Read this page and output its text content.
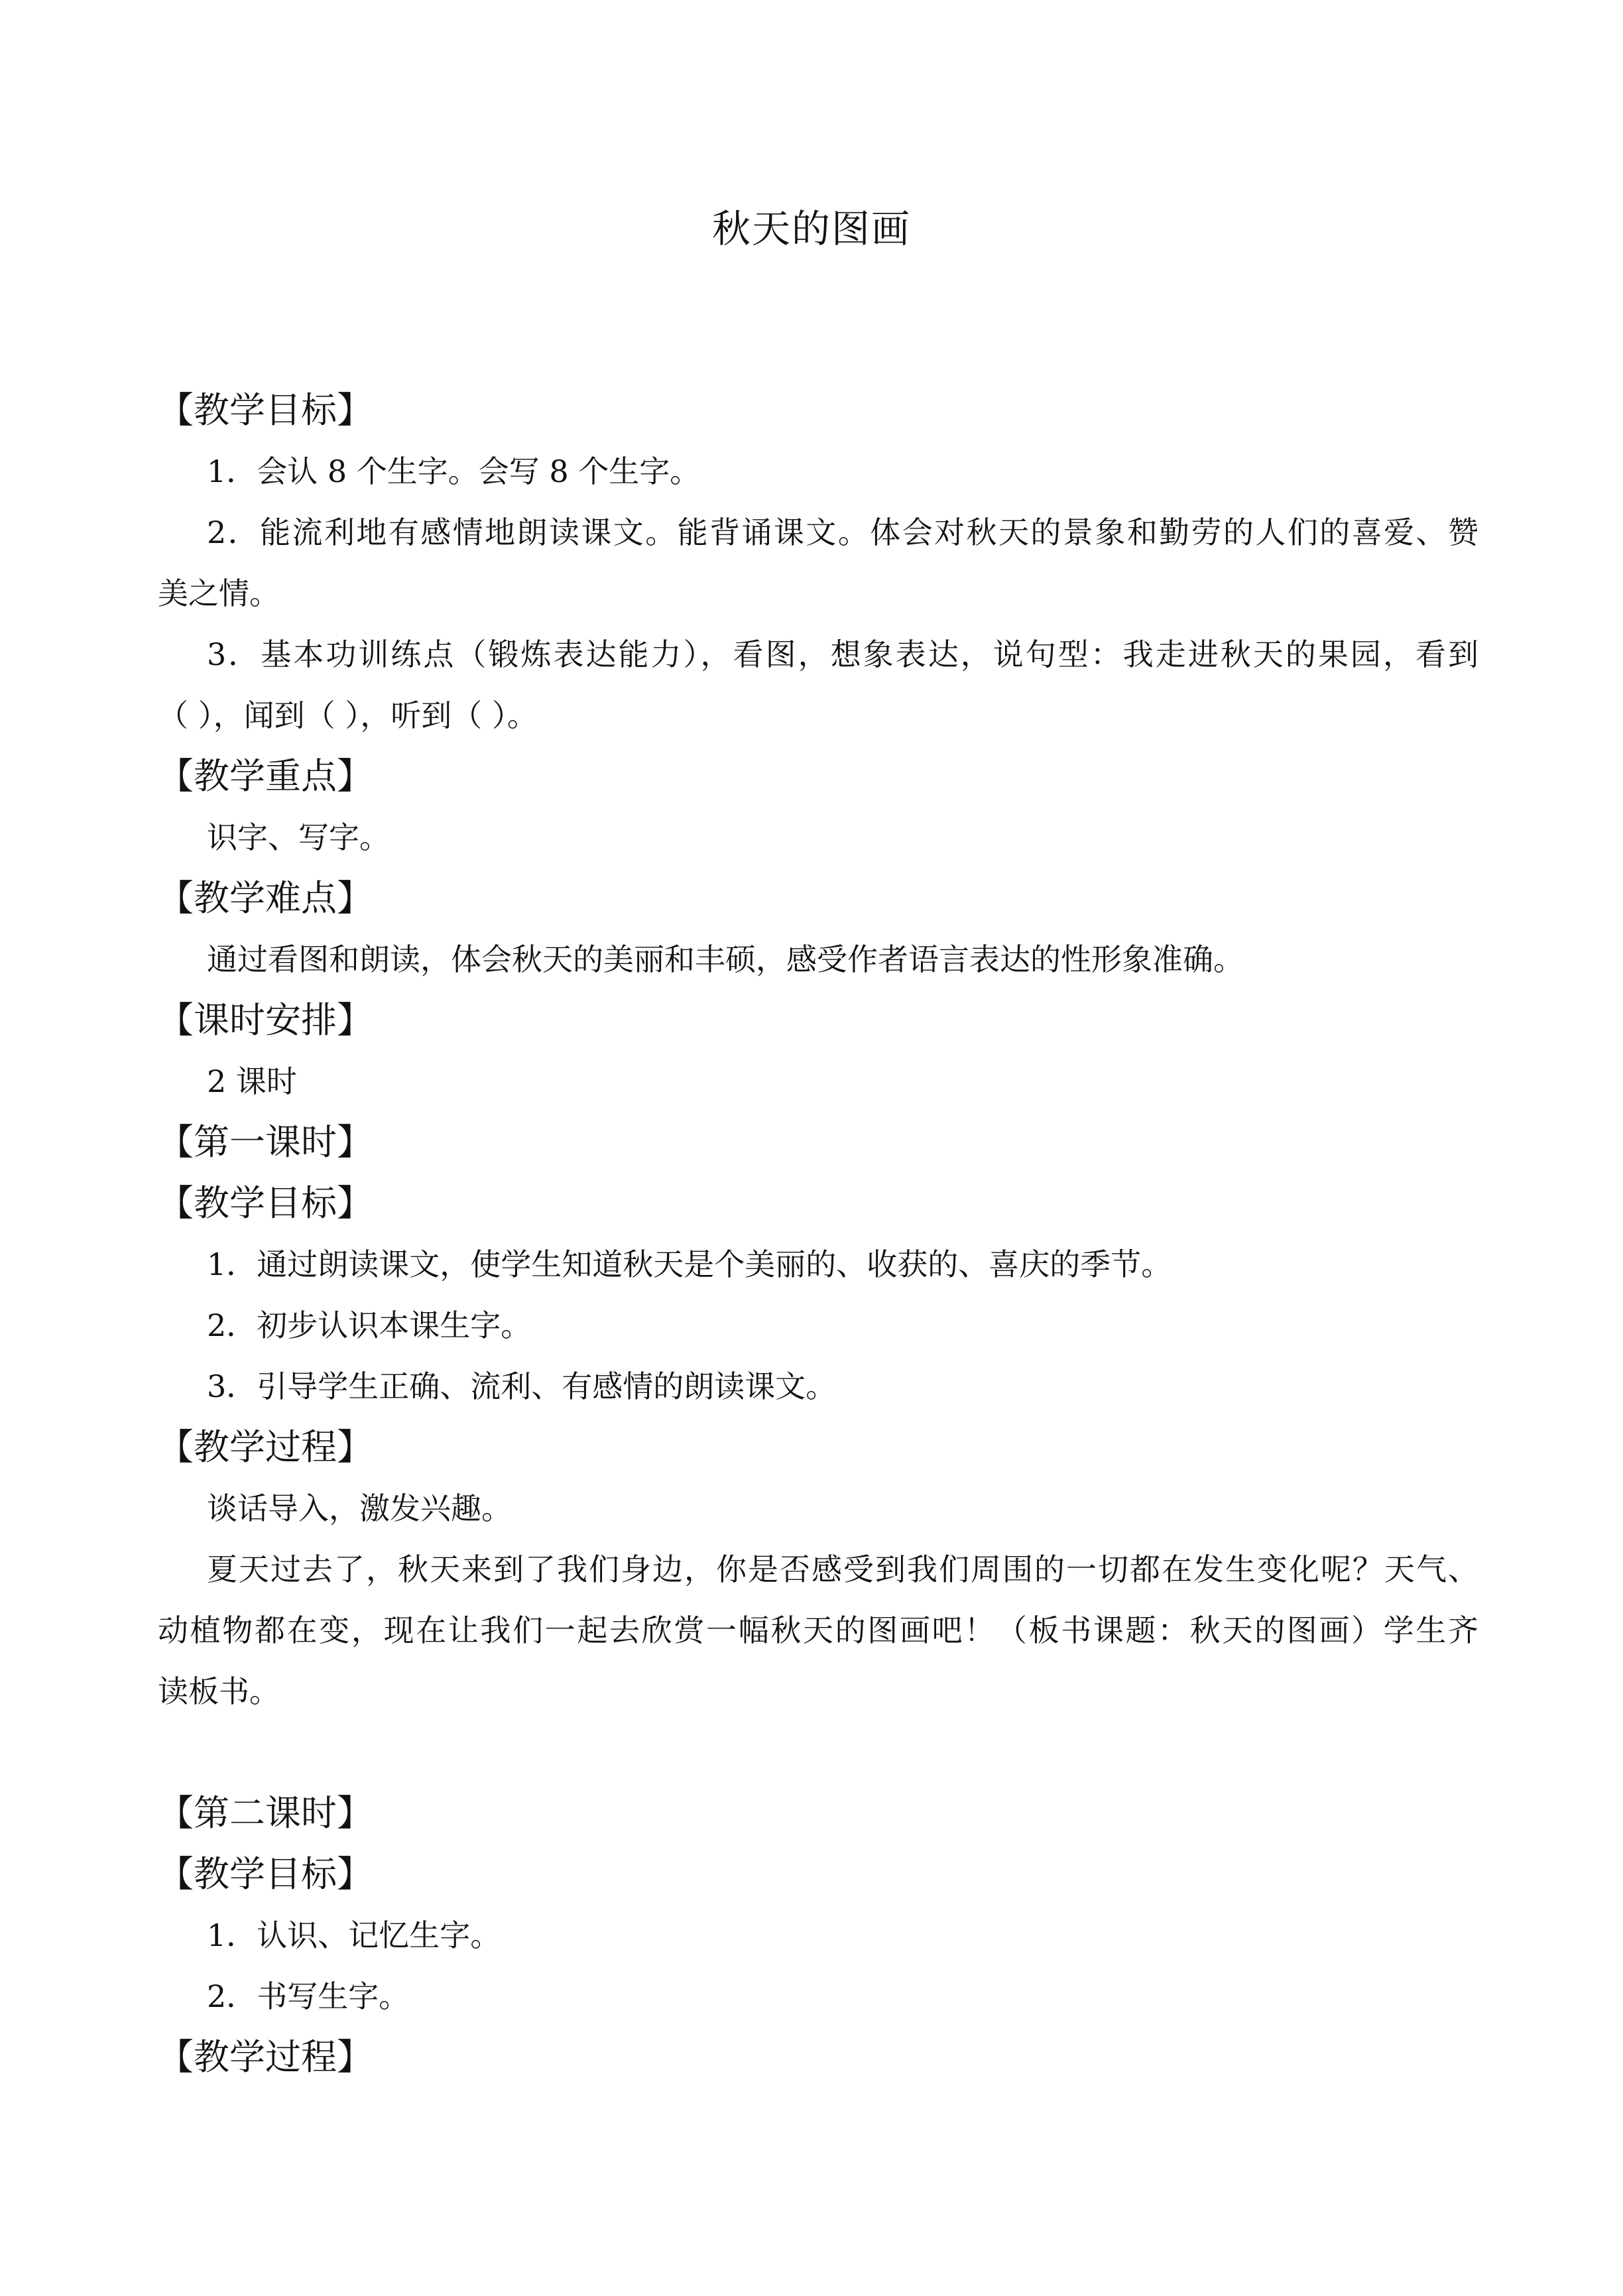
秋天的图画
【教学目标】
1．会认 8 个生字。会写 8 个生字。
2．能流利地有感情地朗读课文。能背诵课文。体会对秋天的景象和勤劳的人们的喜爱、赞
美之情。
3．基本功训练点（锻炼表达能力），看图，想象表达，说句型：我走进秋天的果园，看到
（ ），闻到（ ），听到（ ）。
【教学重点】
识字、写字。
【教学难点】
通过看图和朗读，体会秋天的美丽和丰硕，感受作者语言表达的性形象准确。
【课时安排】
2 课时
【第一课时】
【教学目标】
1．通过朗读课文，使学生知道秋天是个美丽的、收获的、喜庆的季节。
2．初步认识本课生字。
3．引导学生正确、流利、有感情的朗读课文。
【教学过程】
谈话导入，激发兴趣。
夏天过去了，秋天来到了我们身边，你是否感受到我们周围的一切都在发生变化呢？天气、
动植物都在变，现在让我们一起去欣赏一幅秋天的图画吧！（板书课题：秋天的图画）学生齐
读板书。
【第二课时】
【教学目标】
1．认识、记忆生字。
2．书写生字。
【教学过程】
